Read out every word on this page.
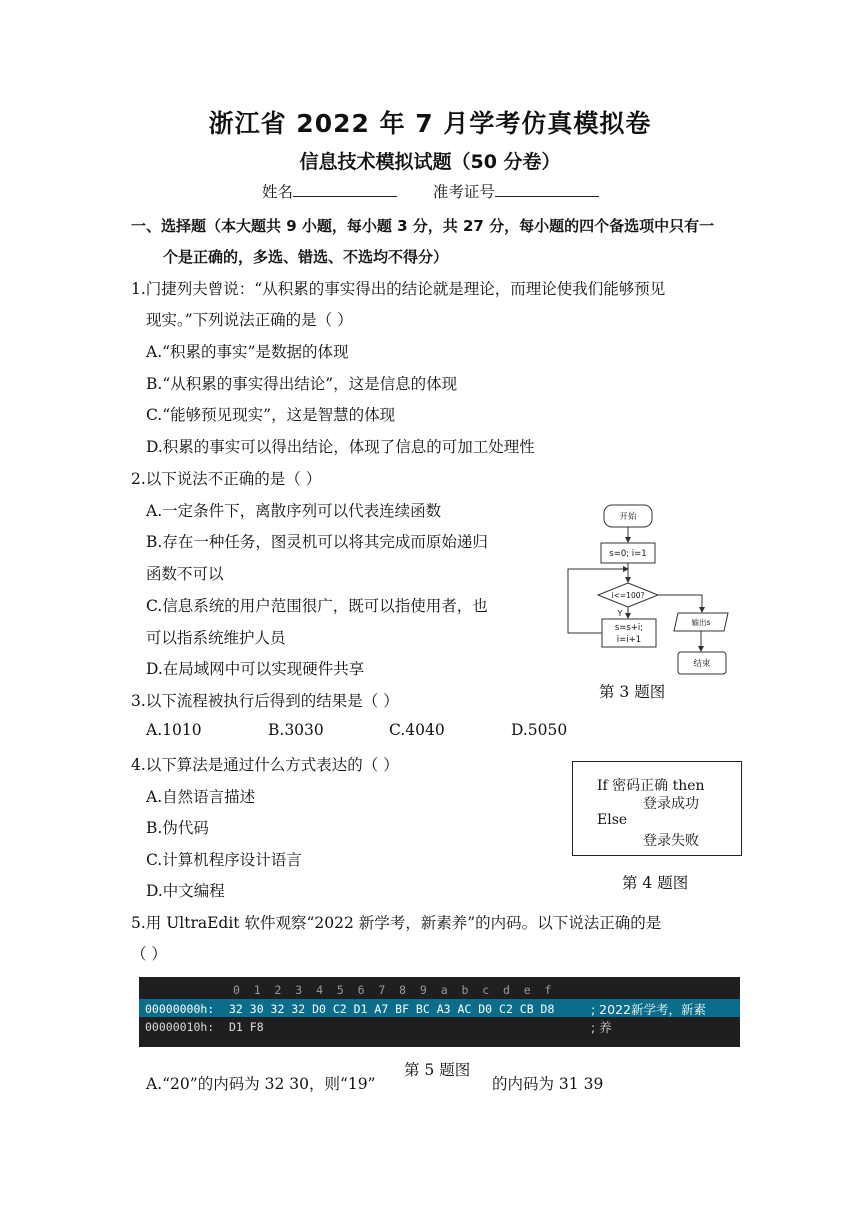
浙江省 2022 年 7 月学考仿真模拟卷
信息技术模拟试题（50 分卷）
姓名	准考证号
一、选择题（本大题共 9 小题，每小题 3 分，共 27 分，每小题的四个备选项中只有一
个是正确的，多选、错选、不选均不得分）
1.门捷列夫曾说：“从积累的事实得出的结论就是理论，而理论使我们能够预见
现实。”下列说法正确的是（ ）
A.“积累的事实”是数据的体现
B.“从积累的事实得出结论”，这是信息的体现
C.“能够预见现实”，这是智慧的体现
D.积累的事实可以得出结论，体现了信息的可加工处理性
2.以下说法不正确的是（ ）
A.一定条件下，离散序列可以代表连续函数
B.存在一种任务，图灵机可以将其完成而原始递归
函数不可以
C.信息系统的用户范围很广，既可以指使用者，也
可以指系统维护人员
D.在局域网中可以实现硬件共享
开始
s=0; i=1
i<=100?
Y
s=s+i;
i=i+1
输出s
结束
第 3 题图
3.以下流程被执行后得到的结果是（ ）
A.1010	B.3030	C.4040	D.5050
4.以下算法是通过什么方式表达的（ ）
A.自然语言描述
B.伪代码
C.计算机程序设计语言
D.中文编程
If 密码正确 then
登录成功
Else
登录失败
第 4 题图
5.用 UltraEdit 软件观察“2022 新学考，新素养”的内码。以下说法正确的是
（ ）
0  1  2  3  4  5  6  7  8  9  a  b  c  d  e  f
00000000h: 32 30 32 32 D0 C2 D1 A7 BF BC A3 AC D0 C2 CB D8	; 2022新学考，新素
00000010h: D1 F8	; 养
第 5 题图
A.“20”的内码为 32 30，则“19”	的内码为 31 39
